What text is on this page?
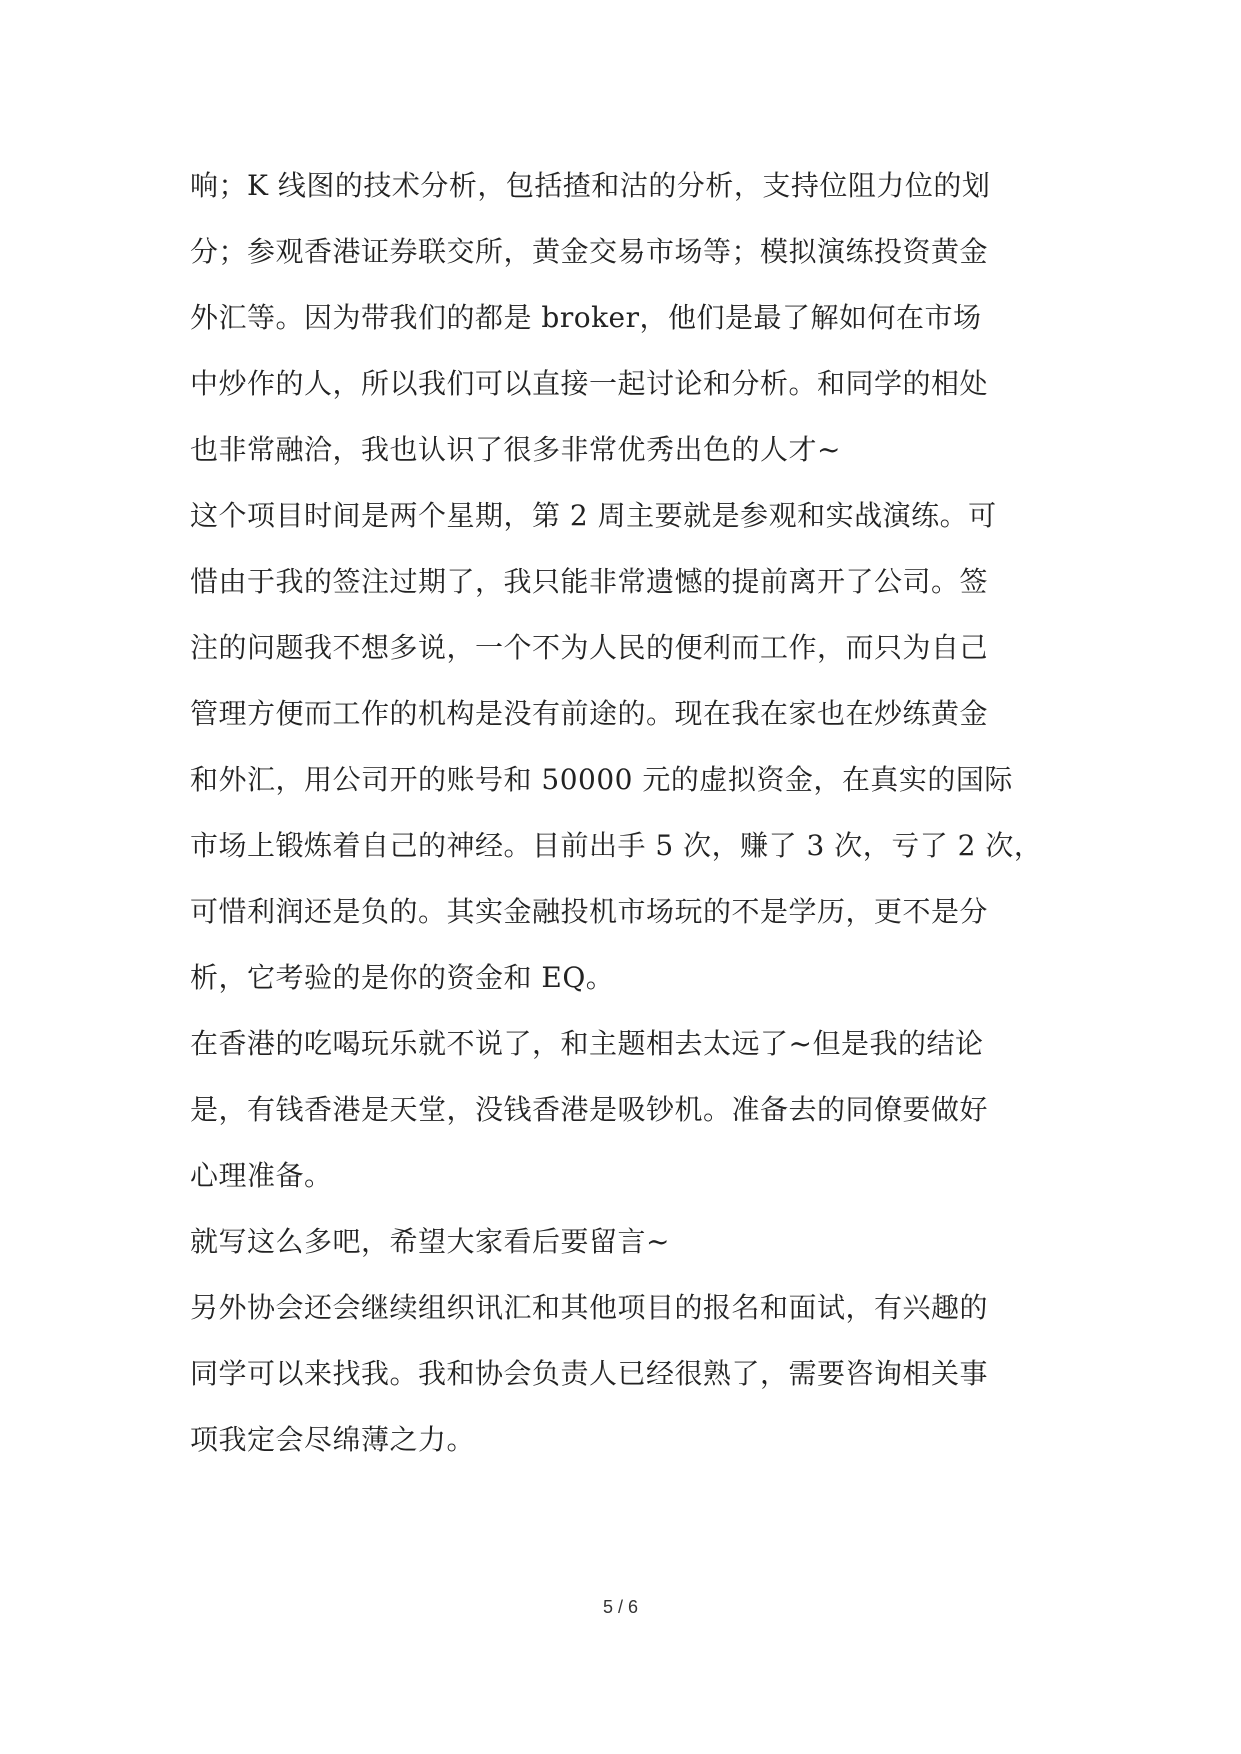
响；K 线图的技术分析，包括揸和沽的分析，支持位阻力位的划
分；参观香港证券联交所，黄金交易市场等；模拟演练投资黄金
外汇等。因为带我们的都是 broker，他们是最了解如何在市场
中炒作的人，所以我们可以直接一起讨论和分析。和同学的相处
也非常融洽，我也认识了很多非常优秀出色的人才~
这个项目时间是两个星期，第 2 周主要就是参观和实战演练。可
惜由于我的签注过期了，我只能非常遗憾的提前离开了公司。签
注的问题我不想多说，一个不为人民的便利而工作，而只为自己
管理方便而工作的机构是没有前途的。现在我在家也在炒练黄金
和外汇，用公司开的账号和 50000 元的虚拟资金，在真实的国际
市场上锻炼着自己的神经。目前出手 5 次，赚了 3 次，亏了 2 次，
可惜利润还是负的。其实金融投机市场玩的不是学历，更不是分
析，它考验的是你的资金和 EQ。
在香港的吃喝玩乐就不说了，和主题相去太远了~但是我的结论
是，有钱香港是天堂，没钱香港是吸钞机。准备去的同僚要做好
心理准备。
就写这么多吧，希望大家看后要留言~
另外协会还会继续组织讯汇和其他项目的报名和面试，有兴趣的
同学可以来找我。我和协会负责人已经很熟了，需要咨询相关事
项我定会尽绵薄之力。
5 / 6
